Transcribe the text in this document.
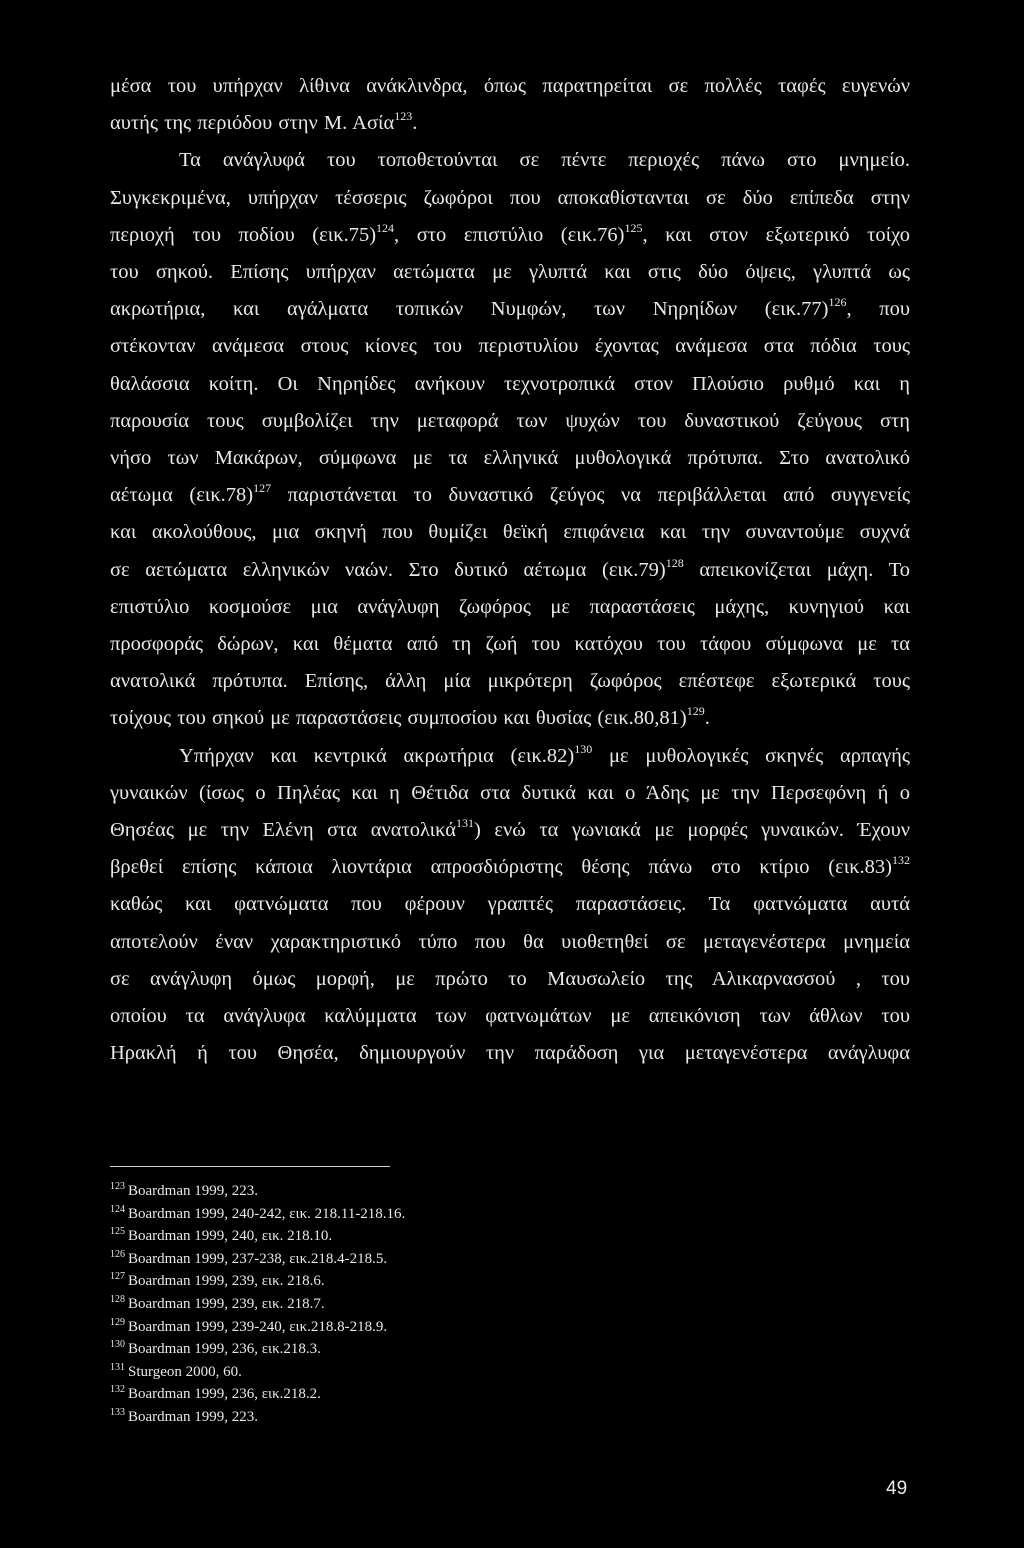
μέσα του υπήρχαν λίθινα ανάκλινδρα, όπως παρατηρείται σε πολλές ταφές ευγενών
αυτής της περιόδου στην Μ. Ασία$^{123}$.
Τα ανάγλυφά του τοποθετούνται σε πέντε περιοχές πάνω στο μνημείο.
Συγκεκριμένα, υπήρχαν τέσσερις ζωφόροι που αποκαθίστανται σε δύο επίπεδα στην
περιοχή του ποδίου $(\varepsilon\iota\kappa.75)^{124}$, στο επιστύλιο $(\varepsilon\iota\kappa.76)^{125}$, και στον εξωτερικό τοίχο
του σηκού. Επίσης υπήρχαν αετώματα με γλυπτά και στις δύο όψεις, γλυπτά ως
ακρωτήρια, και αγάλματα τοπικών Νυμφών, των Νηρηίδων $(\varepsilon\iota\kappa.77)^{126}$, που
στέκονταν ανάμεσα στους κίονες του περιστυλίου έχοντας ανάμεσα στα πόδια τους
θαλάσσια κοίτη. Οι Νηρηίδες ανήκουν τεχνοτροπικά στον Πλούσιο ρυθμό και η
παρουσία τους συμβολίζει την μεταφορά των ψυχών του δυναστικού ζεύγους στη
νήσο των Μακάρων, σύμφωνα με τα ελληνικά μυθολογικά πρότυπα. Στο ανατολικό
αέτωμα $(\varepsilon\iota\kappa.78)^{127}$ παριστάνεται το δυναστικό ζεύγος να περιβάλλεται από συγγενείς
και ακολούθους, μια σκηνή που θυμίζει θεϊκή επιφάνεια και την συναντούμε συχνά
σε αετώματα ελληνικών ναών. Στο δυτικό αέτωμα $(\varepsilon\iota\kappa.79)^{128}$ απεικονίζεται μάχη. Το
επιστύλιο κοσμούσε μια ανάγλυφη ζωφόρος με παραστάσεις μάχης, κυνηγιού και
προσφοράς δώρων, και θέματα από τη ζωή του κατόχου του τάφου σύμφωνα με τα
ανατολικά πρότυπα. Επίσης, άλλη μία μικρότερη ζωφόρος επέστεφε εξωτερικά τους
τοίχους του σηκού με παραστάσεις συμποσίου και θυσίας $(\varepsilon\iota\kappa.80,81)^{129}$.
Υπήρχαν και κεντρικά ακρωτήρια $(\varepsilon\iota\kappa.82)^{130}$ με μυθολογικές σκηνές αρπαγής
γυναικών (ίσως ο Πηλέας και η Θέτιδα στα δυτικά και ο Άδης με την Περσεφόνη ή ο
Θησέας με την Ελένη στα ανατολικά$^{131}$) ενώ τα γωνιακά με μορφές γυναικών. Έχουν
βρεθεί επίσης κάποια λιοντάρια απροσδιόριστης θέσης πάνω στο κτίριο $(\varepsilon\iota\kappa.83)^{132}$
καθώς και φατνώματα που φέρουν γραπτές παραστάσεις. Τα φατνώματα αυτά
αποτελούν έναν χαρακτηριστικό τύπο που θα υιοθετηθεί σε μεταγενέστερα μνημεία
σε ανάγλυφη όμως μορφή, με πρώτο το Μαυσωλείο της Αλικαρνασσού , του
οποίου τα ανάγλυφα καλύμματα των φατνωμάτων με απεικόνιση των άθλων του
Ηρακλή ή του Θησέα, δημιουργούν την παράδοση για μεταγενέστερα ανάγλυφα
$^{123}$ Boardman 1999, 223.
$^{124}$ Boardman 1999, 240-242, εικ. 218.11-218.16.
$^{125}$ Boardman 1999, 240, εικ. 218.10.
$^{126}$ Boardman 1999, 237-238, εικ.218.4-218.5.
$^{127}$ Boardman 1999, 239, εικ. 218.6.
$^{128}$ Boardman 1999, 239, εικ. 218.7.
$^{129}$ Boardman 1999, 239-240, εικ.218.8-218.9.
$^{130}$ Boardman 1999, 236, εικ.218.3.
$^{131}$ Sturgeon 2000, 60.
$^{132}$ Boardman 1999, 236, εικ.218.2.
$^{133}$ Boardman 1999, 223.
49
